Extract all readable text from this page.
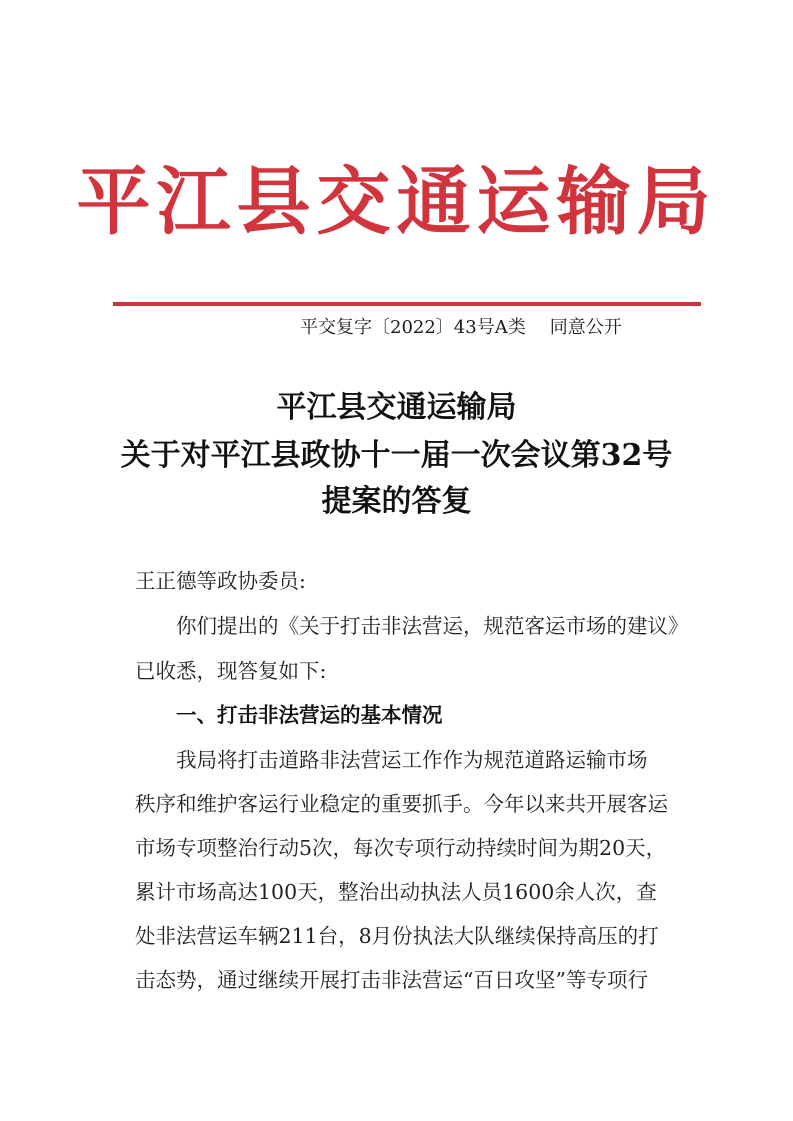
平江县交通运输局
平交复字〔2022〕43号A类 同意公开
平江县交通运输局
关于对平江县政协十一届一次会议第32号
提案的答复
王正德等政协委员:
你们提出的《关于打击非法营运，规范客运市场的建议》
已收悉，现答复如下:
一、打击非法营运的基本情况
我局将打击道路非法营运工作作为规范道路运输市场
秩序和维护客运行业稳定的重要抓手。今年以来共开展客运
市场专项整治行动5次，每次专项行动持续时间为期20天，
累计市场高达100天，整治出动执法人员1600余人次，查
处非法营运车辆211台，8月份执法大队继续保持高压的打
击态势，通过继续开展打击非法营运“百日攻坚”等专项行
